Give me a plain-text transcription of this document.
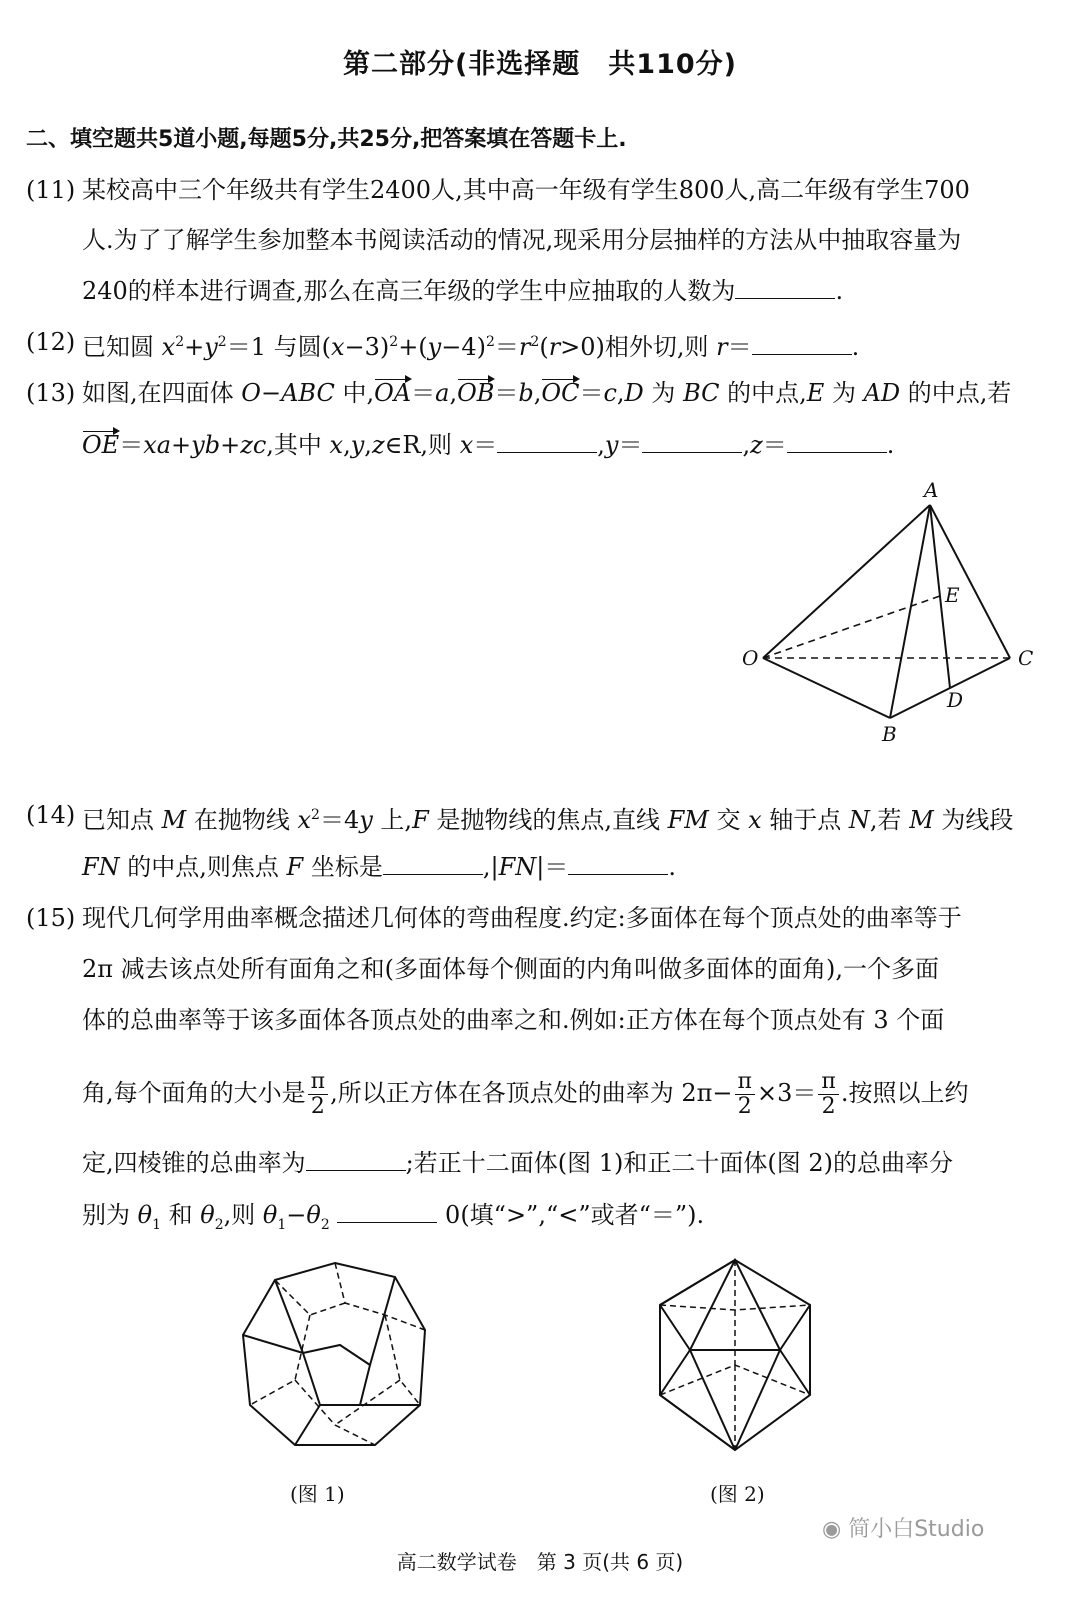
第二部分(非选择题　共110分)
二、填空题共5道小题,每题5分,共25分,把答案填在答题卡上.
(11) 某校高中三个年级共有学生2400人,其中高一年级有学生800人,高二年级有学生700
人.为了了解学生参加整本书阅读活动的情况,现采用分层抽样的方法从中抽取容量为
240的样本进行调查,那么在高三年级的学生中应抽取的人数为	.
(12) 已知圆 $x^2+y^2=1$ 与圆$(x-3)^2+(y-4)^2=r^2(r>0)$相外切,则 r＝	.
(13) 如图,在四面体 O−ABC 中,OA＝a,OB＝b,OC＝c,D 为 BC 的中点,E 为 AD 的中点,若
OE＝xa+yb+zc,其中 x,y,z∈R,则 x＝	,y＝	,z＝	.
A
E
O	C
D
B
(14) 已知点 M 在抛物线 $x^2=4y$ 上,F 是抛物线的焦点,直线 FM 交 x 轴于点 N,若 M 为线段
FN 的中点,则焦点 F 坐标是	,|FN|＝	.
(15) 现代几何学用曲率概念描述几何体的弯曲程度.约定:多面体在每个顶点处的曲率等于
2π 减去该点处所有面角之和(多面体每个侧面的内角叫做多面体的面角),一个多面
体的总曲率等于该多面体各顶点处的曲率之和.例如:正方体在每个顶点处有 3 个面
角,每个面角的大小是 $\frac{\pi}{2}$ ,所以正方体在各顶点处的曲率为 $2\pi- \frac{\pi}{2} \times 3= \frac{\pi}{2}$ .按照以上约
定,四棱锥的总曲率为	;若正十二面体(图 1)和正二十面体(图 2)的总曲率分
别为 $\theta_1$ 和 $\theta_2$,则 $\theta_1-\theta_2$	0(填“>”,“<”或者“＝”).
(图 1)	(图 2)
◉ 简小白Studio
高二数学试卷　第 3 页(共 6 页)
